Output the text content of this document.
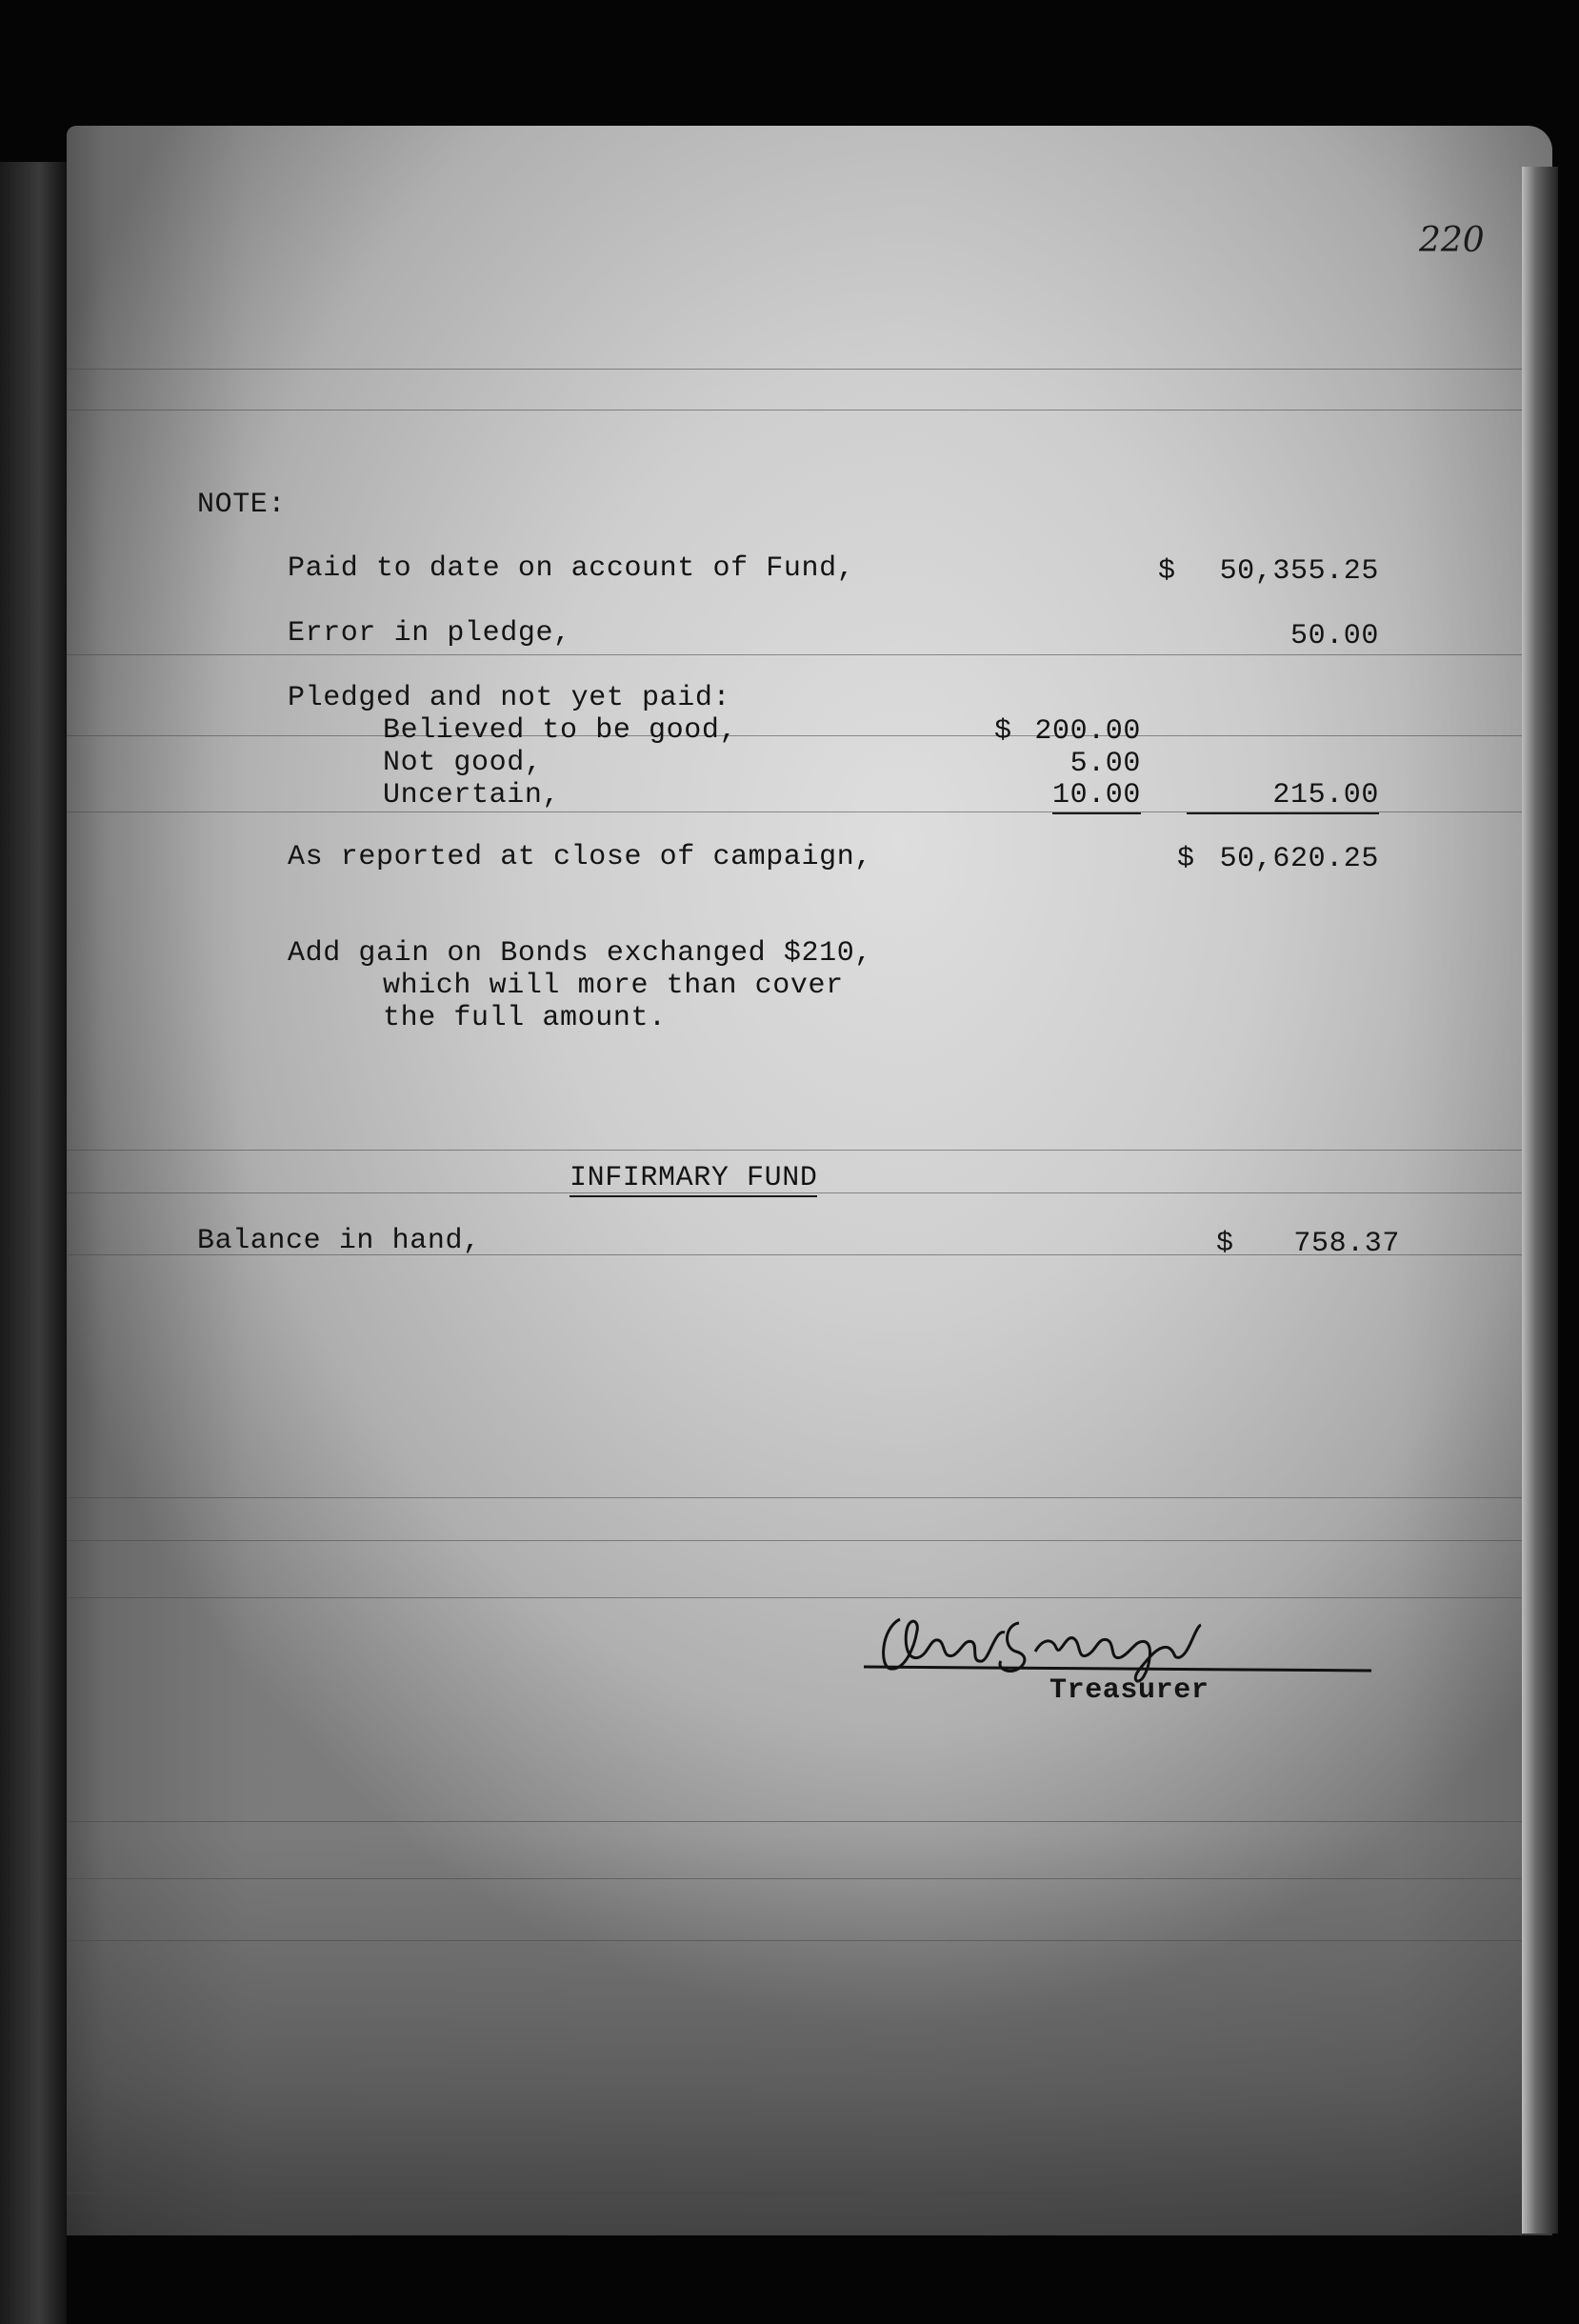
220
NOTE:
Paid to date on account of Fund,	$	50,355.25
Error in pledge,	50.00
Pledged and not yet paid:
Believed to be good,	$ 200.00
Not good,	5.00
Uncertain,	10.00	215.00
As reported at close of campaign,	$ 50,620.25
Add gain on Bonds exchanged $210,
which will more than cover
the full amount.
INFIRMARY FUND
Balance in hand,	$	758.37
Treasurer
